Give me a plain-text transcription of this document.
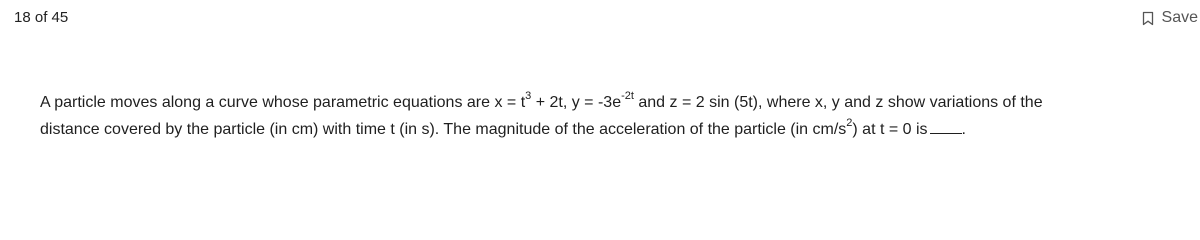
18 of 45	Save
A particle moves along a curve whose parametric equations are $x = t^3 + 2t$, $y = -3e^{-2t}$ and z = 2 sin (5t), where x, y and z show variations of the
distance covered by the particle (in cm) with time t (in s). The magnitude of the acceleration of the particle (in $cm/s^2$) at t = 0 is .
